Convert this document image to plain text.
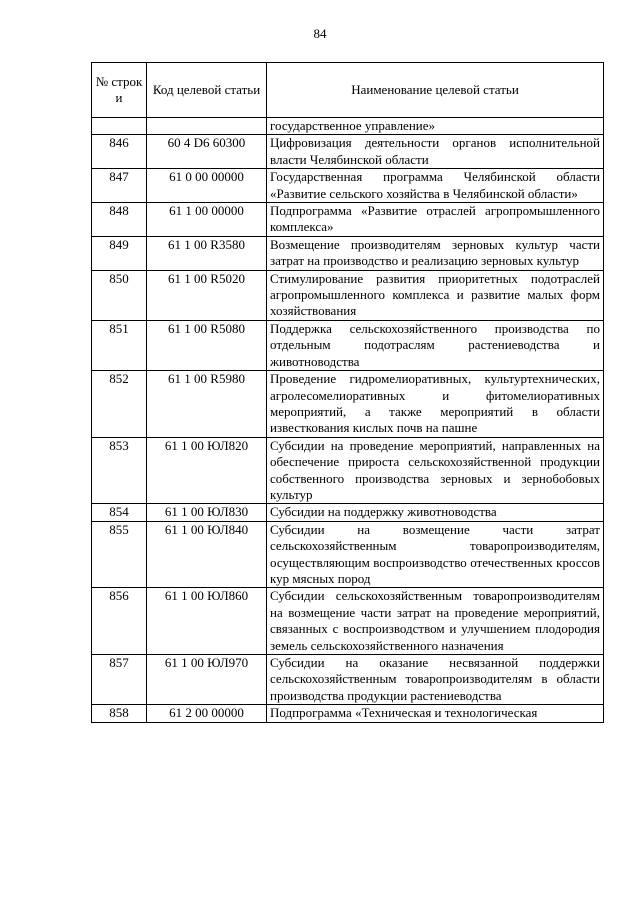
84
№ строк и	Код целевой статьи	Наименование целевой статьи
		государственное управление»
846	60 4 D6 60300	Цифровизация деятельности органов исполнительной власти Челябинской области
847	61 0 00 00000	Государственная программа Челябинской области «Развитие сельского хозяйства в Челябинской области»
848	61 1 00 00000	Подпрограмма «Развитие отраслей агропромышленного комплекса»
849	61 1 00 R3580	Возмещение производителям зерновых культур части затрат на производство и реализацию зерновых культур
850	61 1 00 R5020	Стимулирование развития приоритетных подотраслей агропромышленного комплекса и развитие малых форм хозяйствования
851	61 1 00 R5080	Поддержка сельскохозяйственного производства по отдельным подотраслям растениеводства и животноводства
852	61 1 00 R5980	Проведение гидромелиоративных, культуртехнических, агролесомелиоративных и фитомелиоративных мероприятий, а также мероприятий в области известкования кислых почв на пашне
853	61 1 00 ЮЛ820	Субсидии на проведение мероприятий, направленных на обеспечение прироста сельскохозяйственной продукции собственного производства зерновых и зернобобовых культур
854	61 1 00 ЮЛ830	Субсидии на поддержку животноводства
855	61 1 00 ЮЛ840	Субсидии на возмещение части затрат сельскохозяйственным товаропроизводителям, осуществляющим воспроизводство отечественных кроссов кур мясных пород
856	61 1 00 ЮЛ860	Субсидии сельскохозяйственным товаропроизводителям на возмещение части затрат на проведение мероприятий, связанных с воспроизводством и улучшением плодородия земель сельскохозяйственного назначения
857	61 1 00 ЮЛ970	Субсидии на оказание несвязанной поддержки сельскохозяйственным товаропроизводителям в области производства продукции растениеводства
858	61 2 00 00000	Подпрограмма «Техническая и технологическая
